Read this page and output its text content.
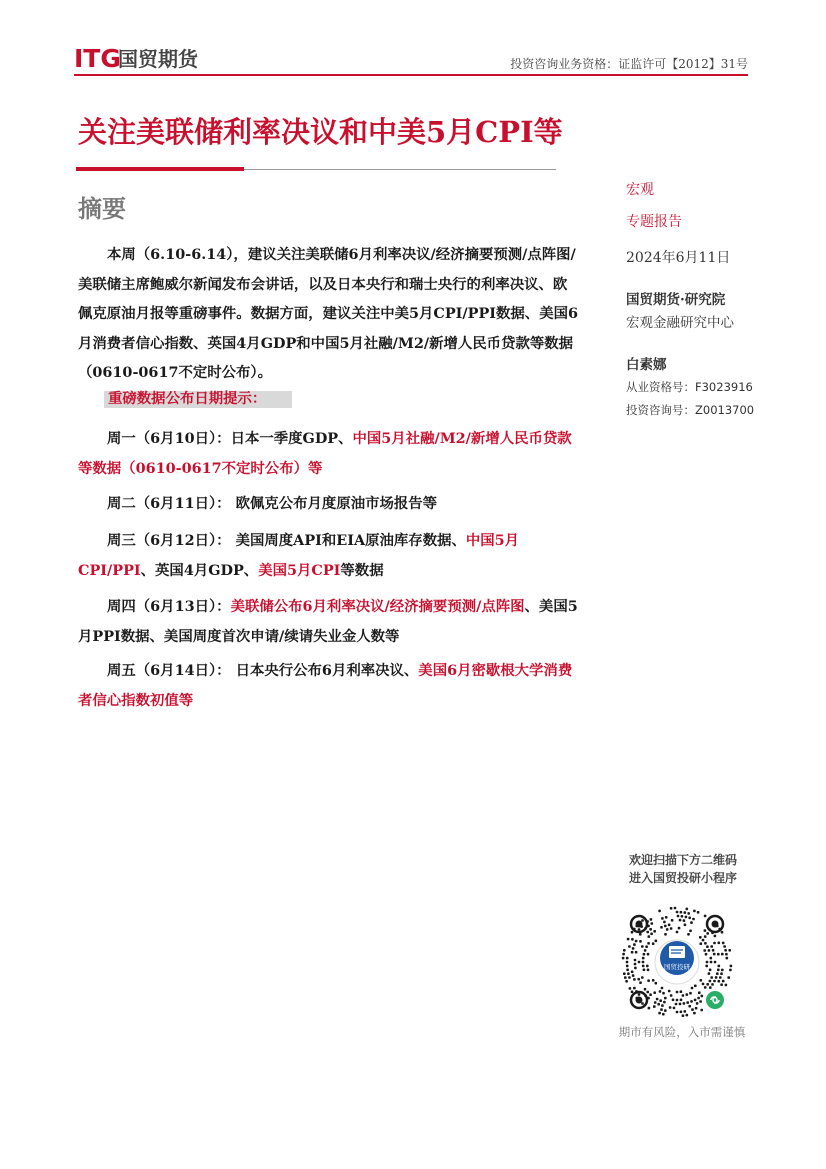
ITG
国贸期货	投资咨询业务资格：证监许可【2012】31号
关注美联储利率决议和中美5月CPI等
摘要
本周（6.10-6.14），建议关注美联储6月利率决议/经济摘要预测/点阵图/美联储主席鲍威尔新闻发布会讲话，以及日本央行和瑞士央行的利率决议、欧佩克原油月报等重磅事件。数据方面，建议关注中美5月CPI/PPI数据、美国6月消费者信心指数、英国4月GDP和中国5月社融/M2/新增人民币贷款等数据（0610-0617不定时公布）。
重磅数据公布日期提示：
周一（6月10日）：日本一季度GDP、中国5月社融/M2/新增人民币贷款等数据（0610-0617不定时公布）等
周二（6月11日）： 欧佩克公布月度原油市场报告等
周三（6月12日）： 美国周度API和EIA原油库存数据、中国5月CPI/PPI、英国4月GDP、美国5月CPI等数据
周四（6月13日）：美联储公布6月利率决议/经济摘要预测/点阵图、美国5月PPI数据、美国周度首次申请/续请失业金人数等
周五（6月14日）： 日本央行公布6月利率决议、美国6月密歇根大学消费者信心指数初值等
宏观
专题报告
2024年6月11日
国贸期货·研究院
宏观金融研究中心
白素娜
从业资格号：F3023916
投资咨询号：Z0013700
欢迎扫描下方二维码
进入国贸投研小程序
国贸投研
期市有风险，入市需谨慎
